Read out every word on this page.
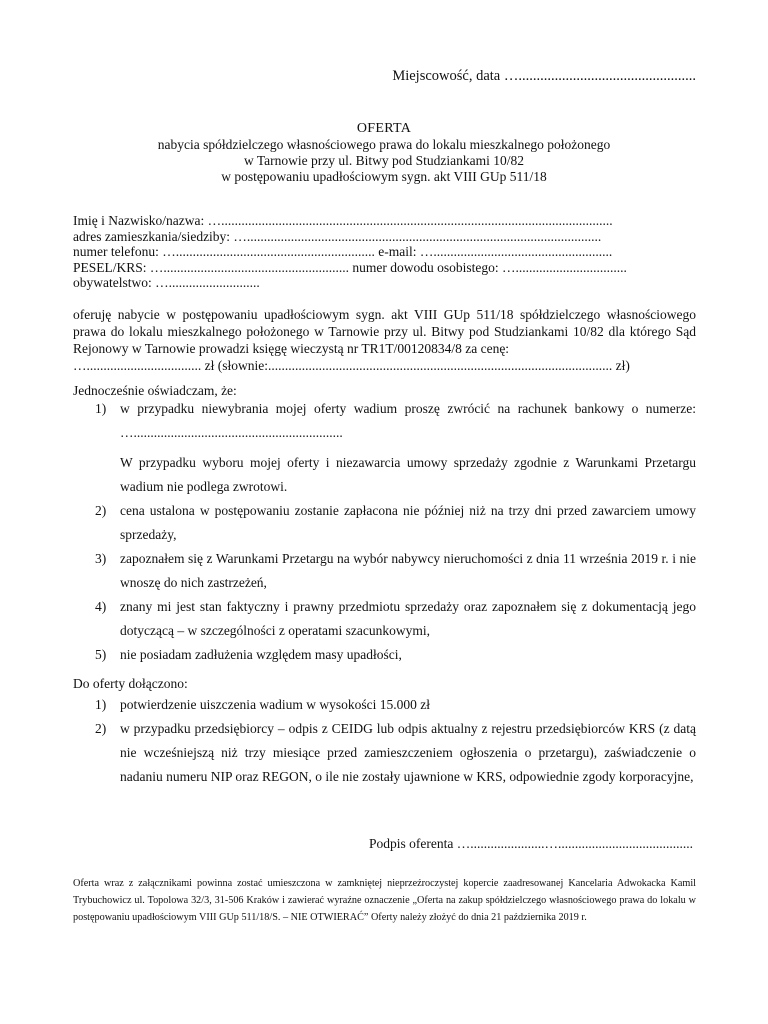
Miejscowość, data ….................................................
OFERTA
nabycia spółdzielczego własnościowego prawa do lokalu mieszkalnego położonego
w Tarnowie przy ul. Bitwy pod Studziankami 10/82
w postępowaniu upadłościowym sygn. akt VIII GUp 511/18
Imię i Nazwisko/nazwa: …....................................................................................................................
adres zamieszkania/siedziby: ….........................................................................................................
numer telefonu: …........................................................... e-mail: ….....................................................
PESEL/KRS: …....................................................... numer dowodu osobistego: ….................................
obywatelstwo: …...........................
oferuję nabycie w postępowaniu upadłościowym sygn. akt VIII GUp 511/18 spółdzielczego własnościowego prawa do lokalu mieszkalnego położonego w Tarnowie przy ul. Bitwy pod Studziankami 10/82 dla którego Sąd Rejonowy w Tarnowie prowadzi księgę wieczystą nr TR1T/00120834/8 za cenę:
….................................. zł (słownie:...................................................................................................... zł)
Jednocześnie oświadczam, że:
1) w przypadku niewybrania mojej oferty wadium proszę zwrócić na rachunek bankowy o numerze: …..............................................................
W przypadku wyboru mojej oferty i niezawarcia umowy sprzedaży zgodnie z Warunkami Przetargu wadium nie podlega zwrotowi.
2) cena ustalona w postępowaniu zostanie zapłacona nie później niż na trzy dni przed zawarciem umowy sprzedaży,
3) zapoznałem się z Warunkami Przetargu na wybór nabywcy nieruchomości z dnia 11 września 2019 r. i nie wnoszę do nich zastrzeżeń,
4) znany mi jest stan faktyczny i prawny przedmiotu sprzedaży oraz zapoznałem się z dokumentacją jego dotyczącą – w szczególności z operatami szacunkowymi,
5) nie posiadam zadłużenia względem masy upadłości,
Do oferty dołączono:
1) potwierdzenie uiszczenia wadium w wysokości 15.000 zł
2) w przypadku przedsiębiorcy – odpis z CEIDG lub odpis aktualny z rejestru przedsiębiorców KRS (z datą nie wcześniejszą niż trzy miesiące przed zamieszczeniem ogłoszenia o przetargu), zaświadczenie o nadaniu numeru NIP oraz REGON, o ile nie zostały ujawnione w KRS, odpowiednie zgody korporacyjne,
Podpis oferenta …......................…........................................
Oferta wraz z załącznikami powinna zostać umieszczona w zamkniętej nieprzeźroczystej kopercie zaadresowanej Kancelaria Adwokacka Kamil Trybuchowicz ul. Topolowa 32/3, 31-506 Kraków i zawierać wyraźne oznaczenie „Oferta na zakup spółdzielczego własnościowego prawa do lokalu w postępowaniu upadłościowym VIII GUp 511/18/S. – NIE OTWIERAĆ” Oferty należy złożyć do dnia 21 października 2019 r.
